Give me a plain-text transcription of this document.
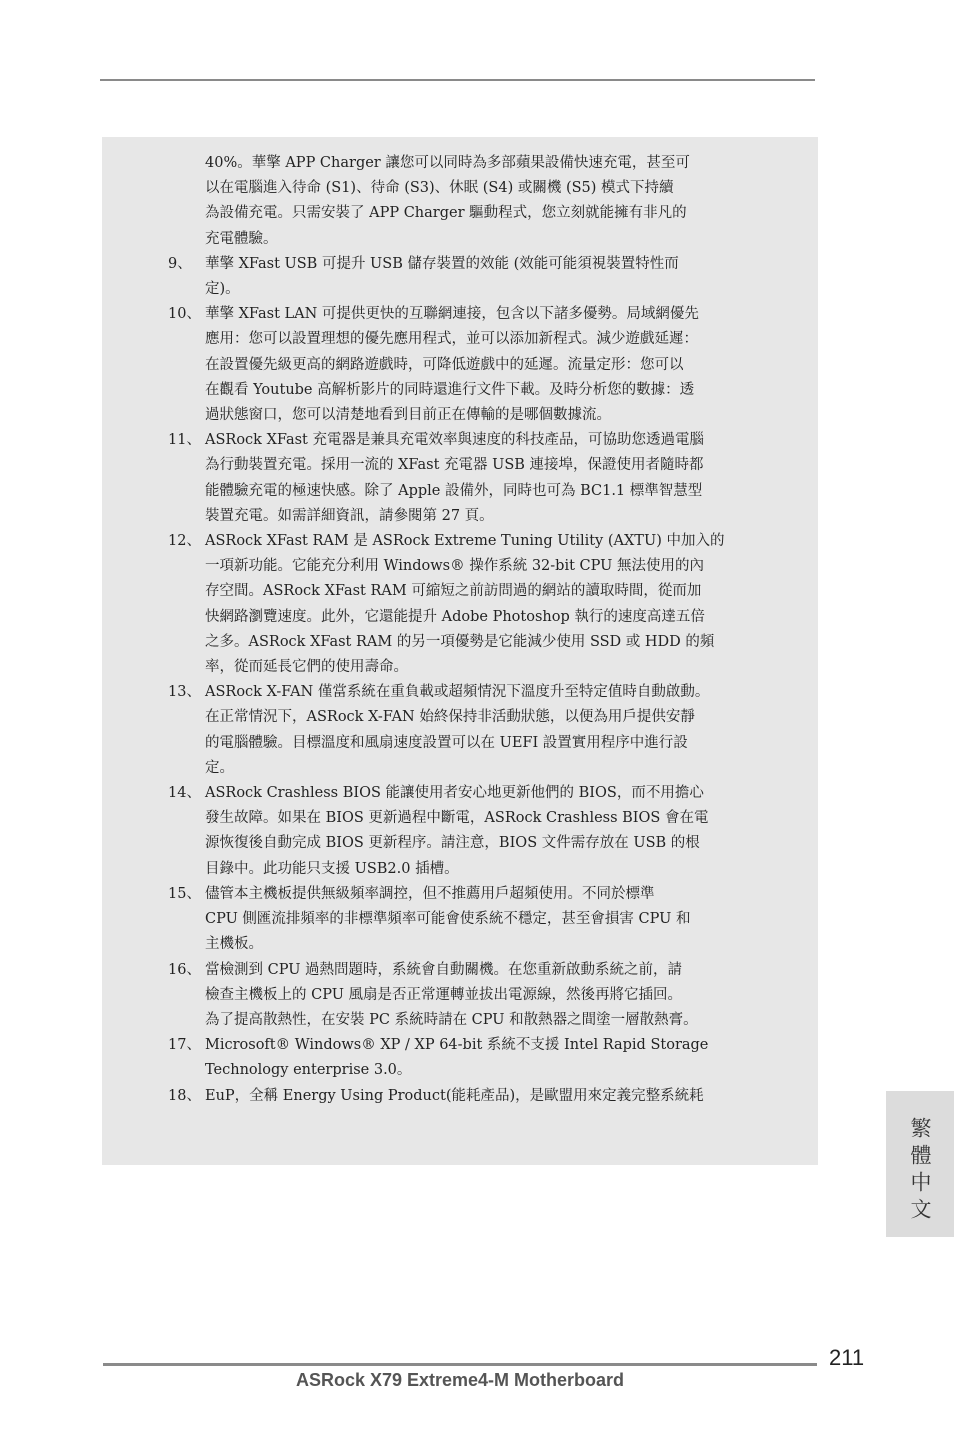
40%。華擎 APP Charger 讓您可以同時為多部蘋果設備快速充電，甚至可
以在電腦進入待命 (S1)、待命 (S3)、休眠 (S4) 或關機 (S5) 模式下持續
為設備充電。只需安裝了 APP Charger 驅動程式，您立刻就能擁有非凡的
充電體驗。
9、 華擎 XFast USB 可提升 USB 儲存裝置的效能 (效能可能須視裝置特性而
定)。
10、 華擎 XFast LAN 可提供更快的互聯網連接，包含以下諸多優勢。局域網優先
應用：您可以設置理想的優先應用程式，並可以添加新程式。減少遊戲延遲：
在設置優先級更高的網路遊戲時，可降低遊戲中的延遲。流量定形：您可以
在觀看 Youtube 高解析影片的同時還進行文件下載。及時分析您的數據：透
過狀態窗口，您可以清楚地看到目前正在傳輸的是哪個數據流。
11、 ASRock XFast 充電器是兼具充電效率與速度的科技產品，可協助您透過電腦
為行動裝置充電。採用一流的 XFast 充電器 USB 連接埠，保證使用者隨時都
能體驗充電的極速快感。除了 Apple 設備外，同時也可為 BC1.1 標準智慧型
裝置充電。如需詳細資訊，請參閱第 27 頁。
12、 ASRock XFast RAM 是 ASRock Extreme Tuning Utility (AXTU) 中加入的
一項新功能。它能充分利用 Windows® 操作系統 32-bit CPU 無法使用的內
存空間。ASRock XFast RAM 可縮短之前訪問過的網站的讀取時間，從而加
快網路瀏覽速度。此外，它還能提升 Adobe Photoshop 執行的速度高達五倍
之多。ASRock XFast RAM 的另一項優勢是它能減少使用 SSD 或 HDD 的頻
率，從而延長它們的使用壽命。
13、 ASRock X-FAN 僅當系統在重負載或超頻情況下溫度升至特定值時自動啟動。
在正常情況下，ASRock X-FAN 始終保持非活動狀態，以便為用戶提供安靜
的電腦體驗。目標溫度和風扇速度設置可以在 UEFI 設置實用程序中進行設
定。
14、 ASRock Crashless BIOS 能讓使用者安心地更新他們的 BIOS，而不用擔心
發生故障。如果在 BIOS 更新過程中斷電，ASRock Crashless BIOS 會在電
源恢復後自動完成 BIOS 更新程序。請注意，BIOS 文件需存放在 USB 的根
目錄中。此功能只支援 USB2.0 插槽。
15、 儘管本主機板提供無級頻率調控，但不推薦用戶超頻使用。不同於標準
CPU 側匯流排頻率的非標準頻率可能會使系統不穩定，甚至會損害 CPU 和
主機板。
16、 當檢測到 CPU 過熱問題時，系統會自動關機。在您重新啟動系統之前，請
檢查主機板上的 CPU 風扇是否正常運轉並拔出電源線，然後再將它插回。
為了提高散熱性，在安裝 PC 系統時請在 CPU 和散熱器之間塗一層散熱膏。
17、 Microsoft® Windows® XP / XP 64-bit 系統不支援 Intel Rapid Storage
Technology enterprise 3.0。
18、 EuP，全稱 Energy Using Product(能耗產品)，是歐盟用來定義完整系統耗
繁體中文
211
ASRock X79 Extreme4-M Motherboard
